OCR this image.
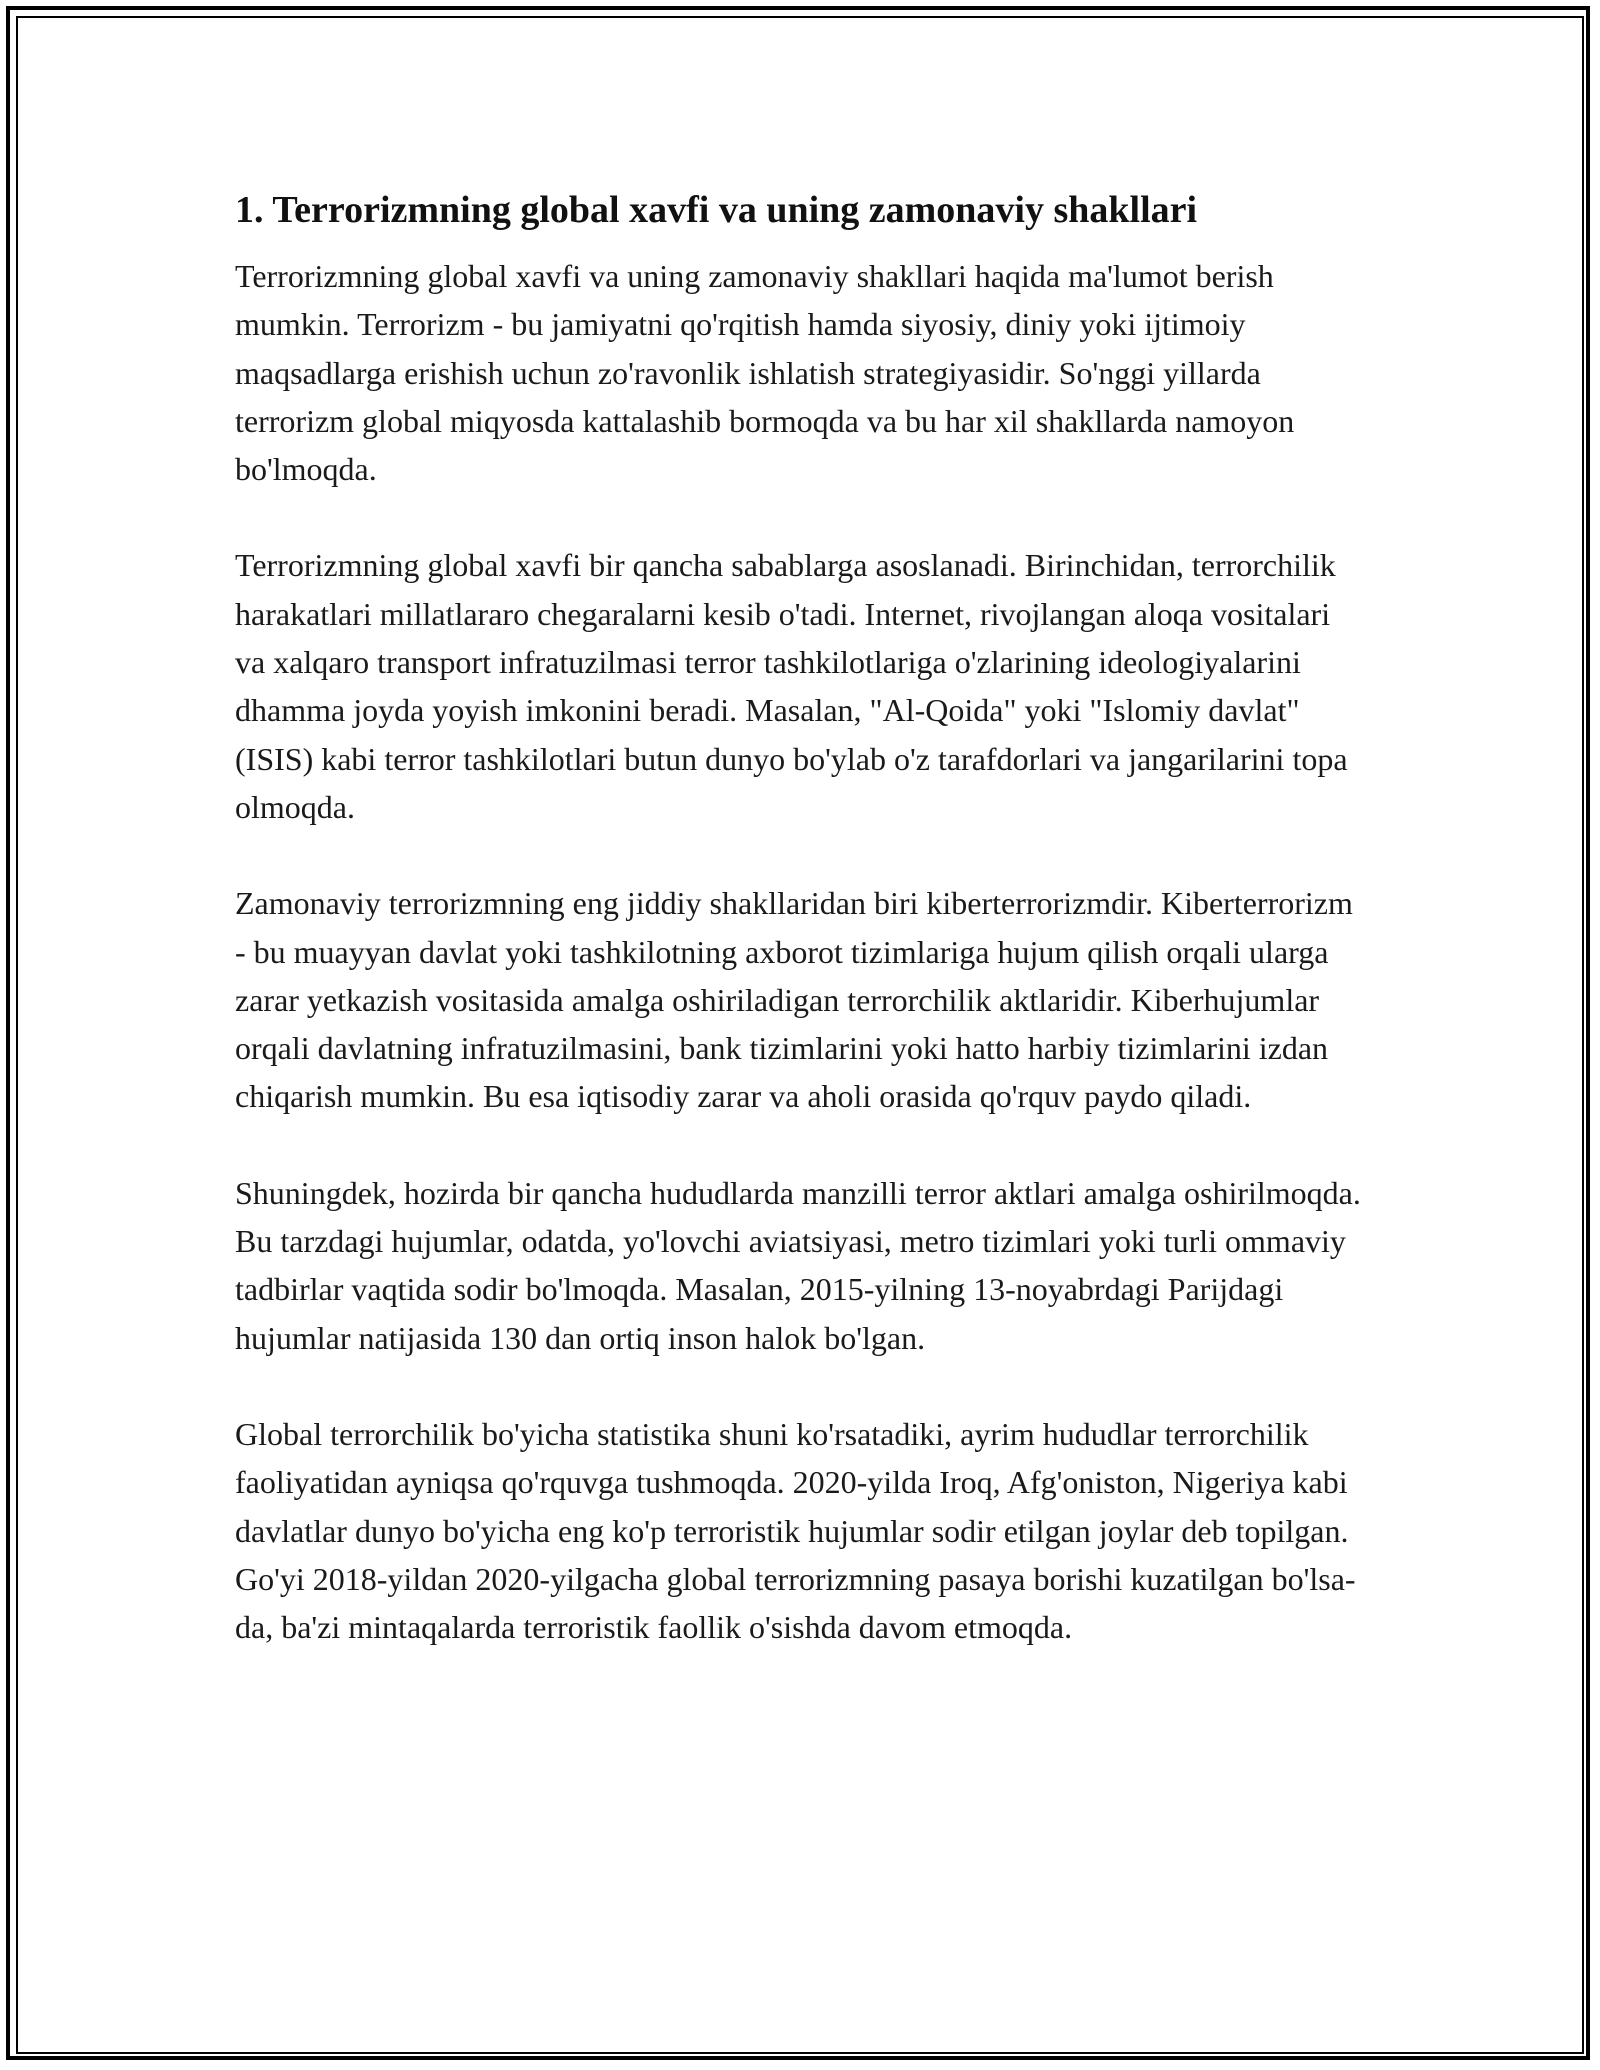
1. Terrorizmning global xavfi va uning zamonaviy shakllari

Terrorizmning global xavfi va uning zamonaviy shakllari haqida ma'lumot berish mumkin. Terrorizm - bu jamiyatni qo'rqitish hamda siyosiy, diniy yoki ijtimoiy maqsadlarga erishish uchun zo'ravonlik ishlatish strategiyasidir. So'nggi yillarda terrorizm global miqyosda kattalashib bormoqda va bu har xil shakllarda namoyon bo'lmoqda.

Terrorizmning global xavfi bir qancha sabablarga asoslanadi. Birinchidan, terrorchilik harakatlari millatlararo chegaralarni kesib o'tadi. Internet, rivojlangan aloqa vositalari va xalqaro transport infratuzilmasi terror tashkilotlariga o'zlarining ideologiyalarini dhamma joyda yoyish imkonini beradi. Masalan, "Al-Qoida" yoki "Islomiy davlat" (ISIS) kabi terror tashkilotlari butun dunyo bo'ylab o'z tarafdorlari va jangarilarini topa olmoqda.

Zamonaviy terrorizmning eng jiddiy shakllaridan biri kiberterrorizmdir. Kiberterrorizm - bu muayyan davlat yoki tashkilotning axborot tizimlariga hujum qilish orqali ularga zarar yetkazish vositasida amalga oshiriladigan terrorchilik aktlaridir. Kiberhujumlar orqali davlatning infratuzilmasini, bank tizimlarini yoki hatto harbiy tizimlarini izdan chiqarish mumkin. Bu esa iqtisodiy zarar va aholi orasida qo'rquv paydo qiladi.

Shuningdek, hozirda bir qancha hududlarda manzilli terror aktlari amalga oshirilmoqda. Bu tarzdagi hujumlar, odatda, yo'lovchi aviatsiyasi, metro tizimlari yoki turli ommaviy tadbirlar vaqtida sodir bo'lmoqda. Masalan, 2015-yilning 13-noyabrdagi Parijdagi hujumlar natijasida 130 dan ortiq inson halok bo'lgan.

Global terrorchilik bo'yicha statistika shuni ko'rsatadiki, ayrim hududlar terrorchilik faoliyatidan ayniqsa qo'rquvga tushmoqda. 2020-yilda Iroq, Afg'oniston, Nigeriya kabi davlatlar dunyo bo'yicha eng ko'p terroristik hujumlar sodir etilgan joylar deb topilgan. Go'yi 2018-yildan 2020-yilgacha global terrorizmning pasaya borishi kuzatilgan bo'lsa-da, ba'zi mintaqalarda terroristik faollik o'sishda davom etmoqda.
